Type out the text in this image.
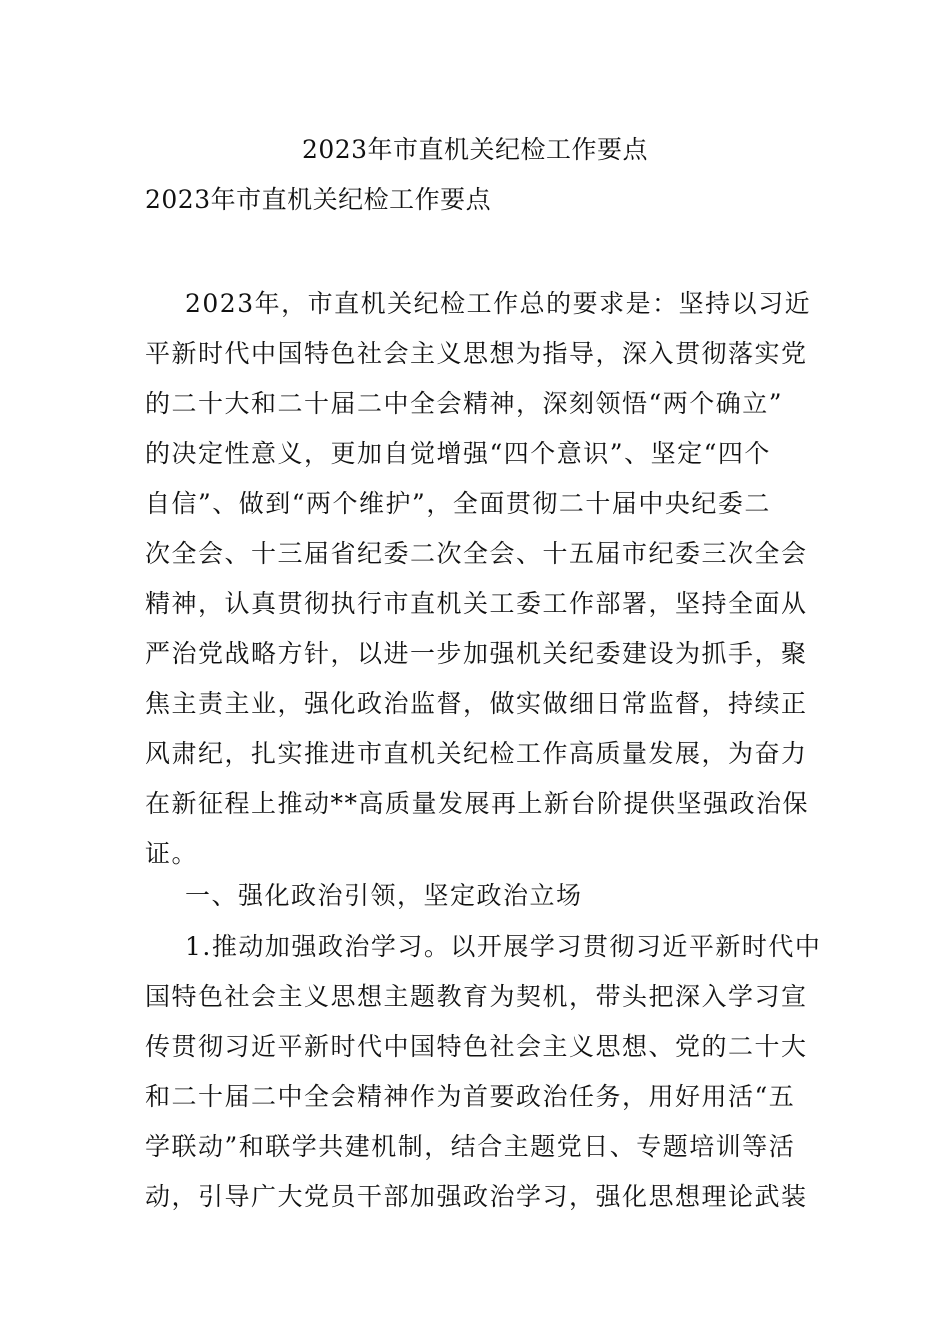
2023年市直机关纪检工作要点
2023年市直机关纪检工作要点
2023年，市直机关纪检工作总的要求是：坚持以习近
平新时代中国特色社会主义思想为指导，深入贯彻落实党
的二十大和二十届二中全会精神，深刻领悟“两个确立”
的决定性意义，更加自觉增强“四个意识”、坚定“四个
自信”、做到“两个维护”，全面贯彻二十届中央纪委二
次全会、十三届省纪委二次全会、十五届市纪委三次全会
精神，认真贯彻执行市直机关工委工作部署，坚持全面从
严治党战略方针，以进一步加强机关纪委建设为抓手，聚
焦主责主业，强化政治监督，做实做细日常监督，持续正
风肃纪，扎实推进市直机关纪检工作高质量发展，为奋力
在新征程上推动**高质量发展再上新台阶提供坚强政治保
证。
一、强化政治引领，坚定政治立场
1.推动加强政治学习。以开展学习贯彻习近平新时代中
国特色社会主义思想主题教育为契机，带头把深入学习宣
传贯彻习近平新时代中国特色社会主义思想、党的二十大
和二十届二中全会精神作为首要政治任务，用好用活“五
学联动”和联学共建机制，结合主题党日、专题培训等活
动，引导广大党员干部加强政治学习，强化思想理论武装
